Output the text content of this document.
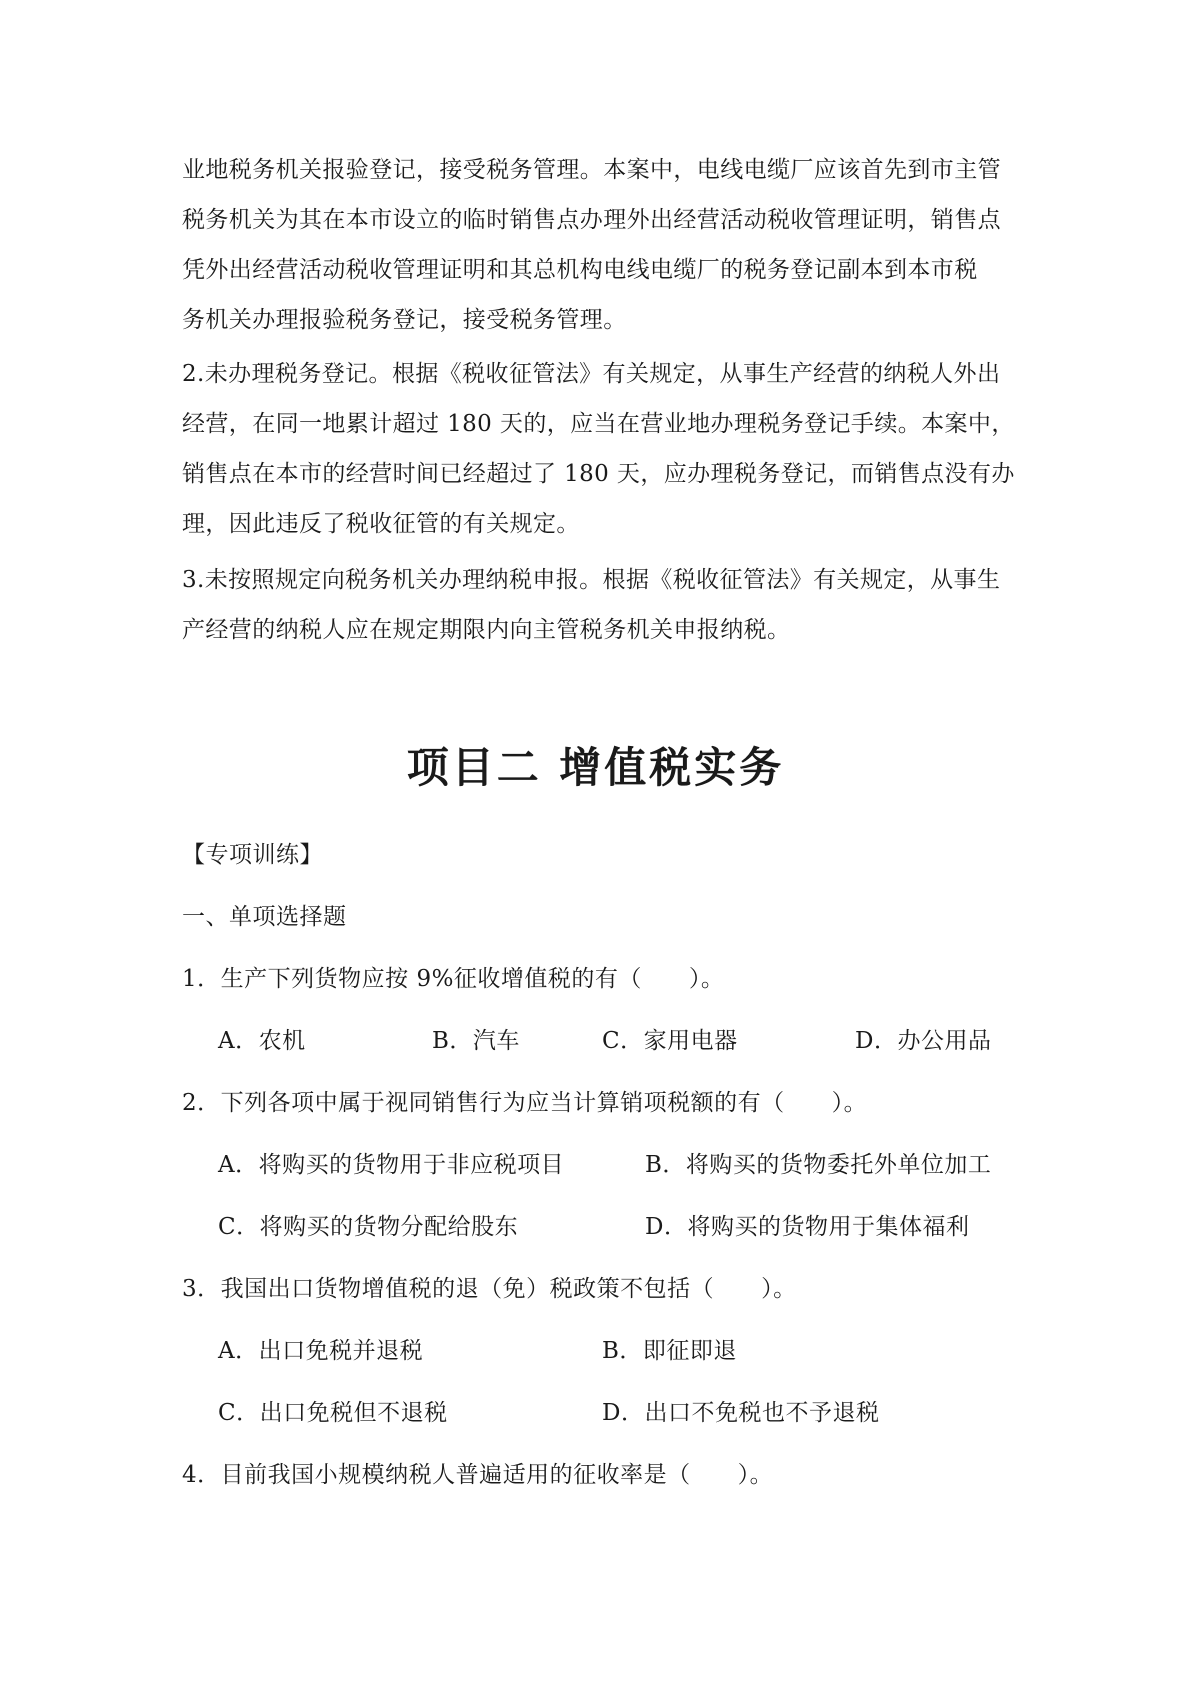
业地税务机关报验登记，接受税务管理。本案中，电线电缆厂应该首先到市主管
税务机关为其在本市设立的临时销售点办理外出经营活动税收管理证明，销售点
凭外出经营活动税收管理证明和其总机构电线电缆厂的税务登记副本到本市税
务机关办理报验税务登记，接受税务管理。
2.未办理税务登记。根据《税收征管法》有关规定，从事生产经营的纳税人外出
经营，在同一地累计超过 180 天的，应当在营业地办理税务登记手续。本案中，
销售点在本市的经营时间已经超过了 180 天，应办理税务登记，而销售点没有办
理，因此违反了税收征管的有关规定。
3.未按照规定向税务机关办理纳税申报。根据《税收征管法》有关规定，从事生
产经营的纳税人应在规定期限内向主管税务机关申报纳税。
项目二 增值税实务
【专项训练】
一、单项选择题
1．生产下列货物应按 9%征收增值税的有（　　）。
A．农机	B．汽车	C．家用电器	D．办公用品
2．下列各项中属于视同销售行为应当计算销项税额的有（　　）。
A．将购买的货物用于非应税项目	B．将购买的货物委托外单位加工
C．将购买的货物分配给股东	D．将购买的货物用于集体福利
3．我国出口货物增值税的退（免）税政策不包括（　　）。
A．出口免税并退税	B．即征即退
C．出口免税但不退税	D．出口不免税也不予退税
4．目前我国小规模纳税人普遍适用的征收率是（　　）。
